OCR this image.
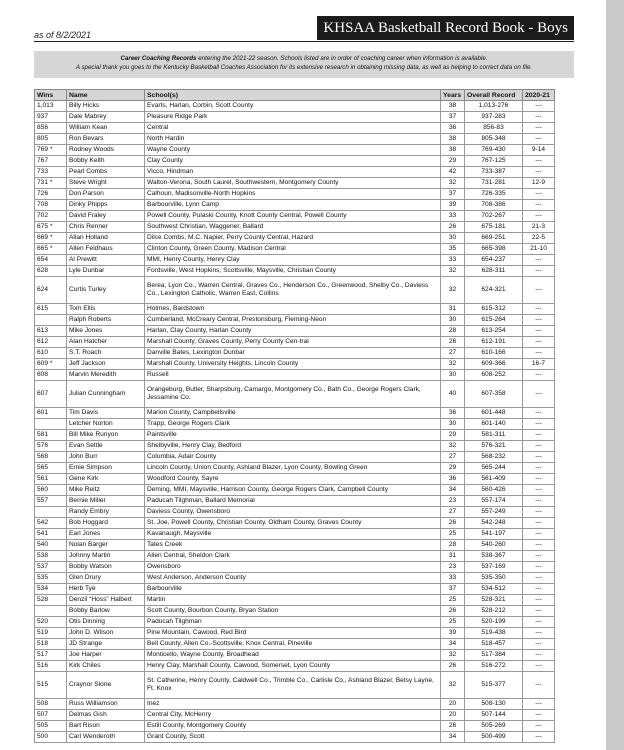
as of 8/2/2021	KHSAA Basketball Record Book - Boys
Career Coaching Records entering the 2021-22 season. Schools listed are in order of coaching career when information is available.
A special thank you goes to the Kentucky Basketball Coaches Association for its extensive research in obtaining missing data, as well as helping to correct data on file.
Wins	Name	School(s)	Years	Overall Record	2020-21
1,013	Billy Hicks	Evarts, Harlan, Corbin, Scott County	38	1,013-276	---
937	Dale Mabrey	Pleasure Ridge Park	37	937-283	---
856	William Kean	Central	36	856-83	---
805	Ron Bevars	North Hardin	38	805-348	---
769 *	Rodney Woods	Wayne County	38	769-430	9-14
767	Bobby Keith	Clay County	29	767-125	---
733	Pearl Combs	Vicco, Hindman	42	733-387	---
731 *	Steve Wright	Walton-Verona, South Laurel, Southwestern, Montgomery County	32	731-281	12-9
726	Don Parson	Calhoun, Madisonville-North Hopkins	37	726-335	---
708	Dinky Phipps	Barbourville, Lynn Camp	39	708-386	---
702	David Fraley	Powell County, Pulaski County, Knott County Central, Powell County	33	702-267	---
675 *	Chris Renner	Southwest Christian, Waggener, Ballard	26	675-181	21-3
669 *	Allan Holland	Dilce Combs, M.C. Napier, Perry County Central, Hazard	30	669-251	22-5
665 *	Allen Feldhaus	Clinton County, Green County, Madison Central	35	665-398	21-10
654	Al Prewitt	MMI, Henry County, Henry Clay	33	654-237	---
628	Lyle Dunbar	Fordsville, West Hopkins, Scottsville, Maysville, Christian County	32	628-311	---
624	Curtis Turley	Berea, Lyon Co., Warren Central, Graves Co., Henderson Co., Greenwood, Shelby Co., Daviess Co., Lexington Catholic, Warren East, Collins	32	624-321	---
615	Tom Ellis	Holmes, Bardstown	31	615-312	---
	Ralph Roberts	Cumberland, McCreary Central, Prestonsburg, Fleming-Neon	30	615-264	---
613	Mike Jones	Harlan, Clay County, Harlan County	28	613-254	---
612	Alan Hatcher	Marshall County, Graves County, Perry County Cen-tral	26	612-191	---
610	S.T. Roach	Danville Bates, Lexington Dunbar	27	610-166	---
609 *	Jeff Jackson	Marshall County, University Heights, Lincoln County	32	609-366	16-7
608	Marvin Meredith	Russell	30	608-252	---
607	Julian Cunningham	Orangeburg, Butler, Sharpsburg, Camargo, Montgomery Co., Bath Co., George Rogers Clark, Jessamine Co.	40	607-358	---
601	Tim Davis	Marion County, Campbellsville	36	601-448	---
	Letcher Norton	Trapp, George Rogers Clark	30	601-140	---
581	Bill Mike Runyon	Paintsville	29	581-311	---
576	Evan Settle	Shelbyville, Henry Clay, Bedford	32	576-321	---
568	John Burr	Columbia, Adair County	27	568-232	---
565	Ernie Simpson	Lincoln County, Union County, Ashland Blazer, Lyon County, Bowling Green	29	565-244	---
561	Gene Kirk	Woodford County, Sayre	36	561-409	---
560	Mike Reitz	Deming, MMI, Maysville, Harrison County, George Rogers Clark, Campbell County	34	560-426	---
557	Bernie Miller	Paducah Tilghman, Ballard Memorial	23	557-174	---
	Randy Embry	Daviess County, Owensboro	27	557-249	---
542	Bob Hoggard	St. Joe, Powell County, Christian County, Oldham County, Graves County	26	542-248	---
541	Earl Jones	Kavanaugh, Maysville	25	541-197	---
540	Nolan Barger	Tates Creek	28	540-260	---
538	Johnny Martin	Allen Central, Sheldon Clark	31	538-367	---
537	Bobby Watson	Owensboro	23	537-169	---
535	Glen Drury	West Anderson, Anderson County	33	535-350	---
534	Herb Tye	Barbourville	37	534-512	---
528	Denzil “Hoss” Halbert	Martin	25	528-321	---
	Bobby Barlow	Scott County, Bourbon County, Bryan Station	26	528-212	---
520	Otis Dinning	Paducah Tilghman	25	520-199	---
519	John D. Wilson	Pine Mountain, Cawood, Red Bird	39	519-438	---
518	JD Strange	Bell County, Allen Co.-Scottsville, Knox Central, Pineville	34	518-457	---
517	Joe Harper	Monticello, Wayne County, Broadhead	32	517-384	---
516	Kirk Chiles	Henry Clay, Marshall County, Cawood, Somerset, Lyon County	26	516-272	---
515	Craynor Slone	St. Catherine, Henry County, Caldwell Co., Trimble Co., Carlisle Co., Ashland Blazer, Betsy Layne, Ft. Knox	32	515-377	---
508	Russ Williamson	Inez	20	508-130	---
507	Delmas Gish	Central City, McHenry	20	507-144	---
505	Bart Rison	Estill County, Montgomery County	26	505-269	---
500	Carl Wenderoth	Grant County, Scott	34	500-499	---
